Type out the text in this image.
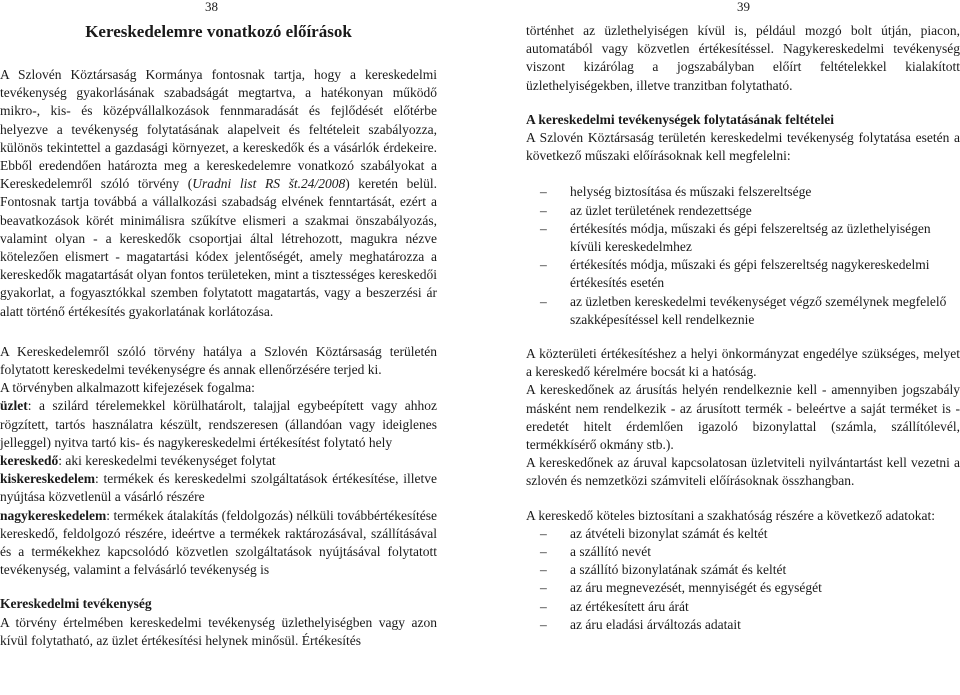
38
Kereskedelemre vonatkozó előírások

A Szlovén Köztársaság Kormánya fontosnak tartja, hogy a kereskedelmi tevékenység gyakorlásának szabadságát megtartva, a hatékonyan működő mikro-, kis- és középvállalkozások fennmaradását és fejlődését előtérbe helyezve a tevékenység folytatásának alapelveit és feltételeit szabályozza, különös tekintettel a gazdasági környezet, a kereskedők és a vásárlók érdekeire. Ebből eredendően határozta meg a kereskedelemre vonatkozó szabályokat a Kereskedelemről szóló törvény (Uradni list RS št.24/2008) keretén belül. Fontosnak tartja továbbá a vállalkozási szabadság elvének fenntartását, ezért a beavatkozások körét minimálisra szűkítve elismeri a szakmai önszabályozás, valamint olyan - a kereskedők csoportjai által létrehozott, magukra nézve kötelezően elismert - magatartási kódex jelentőségét, amely meghatározza a kereskedők magatartását olyan fontos területeken, mint a tisztességes kereskedői gyakorlat, a fogyasztókkal szemben folytatott magatartás, vagy a beszerzési ár alatt történő értékesítés gyakorlatának korlátozása.

A Kereskedelemről szóló törvény hatálya a Szlovén Köztársaság területén folytatott kereskedelmi tevékenységre és annak ellenőrzésére terjed ki.

A törvényben alkalmazott kifejezések fogalma:

üzlet: a szilárd térelemekkel körülhatárolt, talajjal egybeépített vagy ahhoz rögzített, tartós használatra készült, rendszeresen (állandóan vagy ideiglenes jelleggel) nyitva tartó kis- és nagykereskedelmi értékesítést folytató hely

kereskedő: aki kereskedelmi tevékenységet folytat

kiskereskedelem: termékek és kereskedelmi szolgáltatások értékesítése, illetve nyújtása közvetlenül a vásárló részére

nagykereskedelem: termékek átalakítás (feldolgozás) nélküli továbbértékesítése kereskedő, feldolgozó részére, ideértve a termékek raktározásával, szállításával és a termékekhez kapcsolódó közvetlen szolgáltatások nyújtásával folytatott tevékenység, valamint a felvásárló tevékenység is

Kereskedelmi tevékenység

A törvény értelmében kereskedelmi tevékenység üzlethelyiségben vagy azon kívül folytatható, az üzlet értékesítési helynek minősül. Értékesítés

39

történhet az üzlethelyiségen kívül is, például mozgó bolt útján, piacon, automatából vagy közvetlen értékesítéssel. Nagykereskedelmi tevékenység viszont kizárólag a jogszabályban előírt feltételekkel kialakított üzlethelyiségekben, illetve tranzitban folytatható.

A kereskedelmi tevékenységek folytatásának feltételei

A Szlovén Köztársaság területén kereskedelmi tevékenység folytatása esetén a következő műszaki előírásoknak kell megfelelni:

– helység biztosítása és műszaki felszereltsége
– az üzlet területének rendezettsége
– értékesítés módja, műszaki és gépi felszereltség az üzlethelyiségen kívüli kereskedelmhez
– értékesítés módja, műszaki és gépi felszereltség nagykereskedelmi értékesítés esetén
– az üzletben kereskedelmi tevékenységet végző személynek megfelelő szakképesítéssel kell rendelkeznie

A közterületi értékesítéshez a helyi önkormányzat engedélye szükséges, melyet a kereskedő kérelmére bocsát ki a hatóság.

A kereskedőnek az árusítás helyén rendelkeznie kell - amennyiben jogszabály másként nem rendelkezik - az árusított termék - beleértve a saját terméket is - eredetét hitelt érdemlően igazoló bizonylattal (számla, szállítólevél, termékkísérő okmány stb.).

A kereskedőnek az áruval kapcsolatosan üzletviteli nyilvántartást kell vezetni a szlovén és nemzetközi számviteli előírásoknak összhangban.

A kereskedő köteles biztosítani a szakhatóság részére a következő adatokat:

– az átvételi bizonylat számát és keltét
– a szállító nevét
– a szállító bizonylatának számát és keltét
– az áru megnevezését, mennyiségét és egységét
– az értékesített áru árát
– az áru eladási árváltozás adatait
